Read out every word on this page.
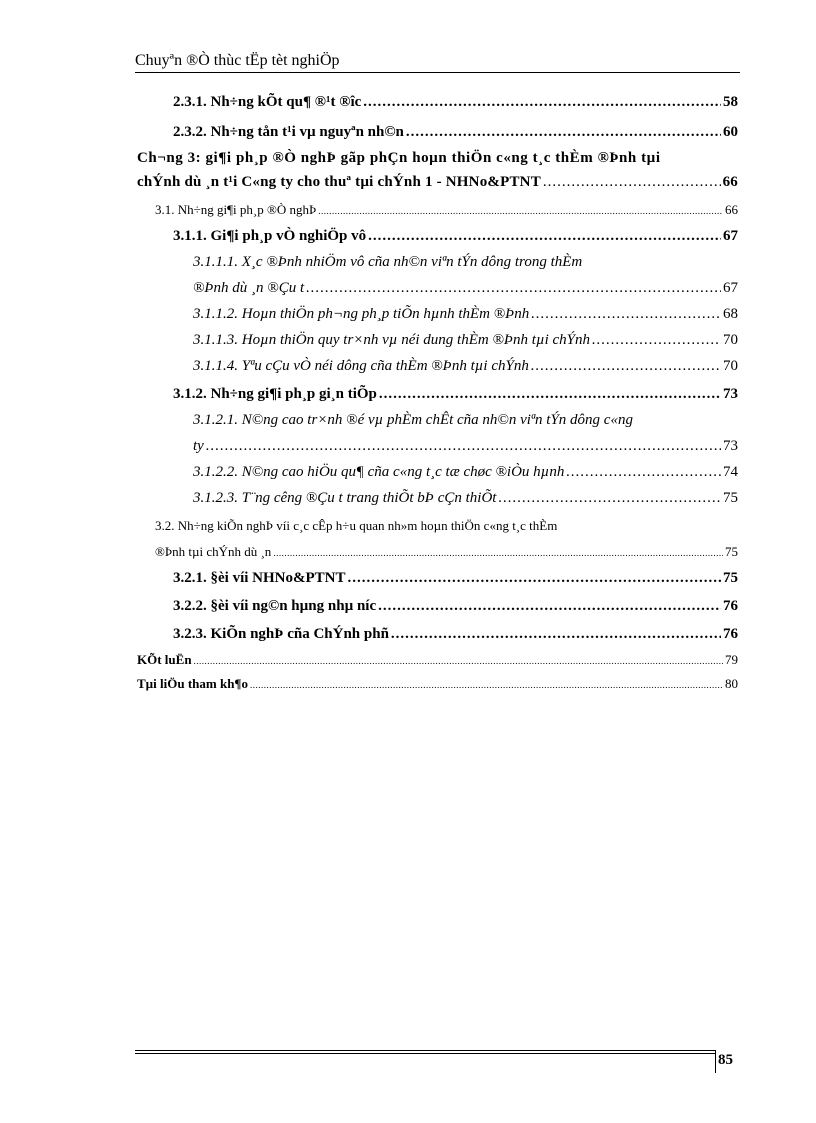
Chuyªn ®Ò thùc tËp tèt nghiÖp
2.3.1. Nh÷ng kÕt qu¶ ®¹t ®îc .....	58
2.3.2. Nh÷ng tån t¹i vµ nguyªn nh©n .....	60
Ch¬ng 3: gi¶i ph¸p ®Ò nghÞ gãp phÇn hoµn thiÖn c«ng t¸c thÈm ®Þnh tµi
chÝnh dù ¸n t¹i C«ng ty cho thuª tµi chÝnh 1 - NHNo&PTNT .....	66
3.1. Nh÷ng gi¶i ph¸p ®Ò nghÞ .....	66
3.1.1. Gi¶i ph¸p vÒ nghiÖp vô .....	67
3.1.1.1. X¸c ®Þnh nhiÖm vô cña nh©n viªn tÝn dông trong thÈm
®Þnh dù ¸n ®Çu t .....	67
3.1.1.2. Hoµn thiÖn ph¬ng ph¸p tiÕn hµnh thÈm ®Þnh .....	68
3.1.1.3. Hoµn thiÖn quy tr×nh vµ néi dung thÈm ®Þnh tµi chÝnh .....	70
3.1.1.4. Yªu cÇu vÒ néi dông cña thÈm ®Þnh tµi chÝnh .....	70
3.1.2. Nh÷ng gi¶i ph¸p gi¸n tiÕp .....	73
3.1.2.1. N©ng cao tr×nh ®é vµ phÈm chÊt cña nh©n viªn tÝn dông c«ng
ty .....	73
3.1.2.2. N©ng cao hiÖu qu¶ cña c«ng t¸c tæ chøc ®iÒu hµnh .....	74
3.1.2.3. T¨ng cêng ®Çu t trang thiÕt bÞ cÇn thiÕt .....	75
3.2. Nh÷ng kiÕn nghÞ víi c¸c cÊp h÷u quan nh»m hoµn thiÖn c«ng t¸c thÈm
®Þnh tµi chÝnh dù ¸n .....	75
3.2.1. §èi víi NHNo&PTNT .....	75
3.2.2. §èi víi ng©n hµng nhµ níc .....	76
3.2.3. KiÕn nghÞ cña ChÝnh phñ .....	76
KÕt luËn .....	79
Tµi liÖu tham kh¶o .....	80
85
